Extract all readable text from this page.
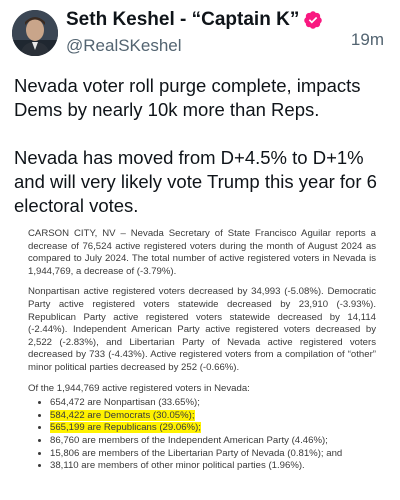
Seth Keshel - “Captain K”
@RealSKeshel	19m

Nevada voter roll purge complete, impacts Dems by nearly 10k more than Reps.

Nevada has moved from D+4.5% to D+1% and will very likely vote Trump this year for 6 electoral votes.

CARSON CITY, NV – Nevada Secretary of State Francisco Aguilar reports a decrease of 76,524 active registered voters during the month of August 2024 as compared to July 2024. The total number of active registered voters in Nevada is 1,944,769, a decrease of (-3.79%).

Nonpartisan active registered voters decreased by 34,993 (-5.08%). Democratic Party active registered voters statewide decreased by 23,910 (-3.93%). Republican Party active registered voters statewide decreased by 14,114 (-2.44%). Independent American Party active registered voters decreased by 2,522 (-2.83%), and Libertarian Party of Nevada active registered voters decreased by 733 (-4.43%). Active registered voters from a compilation of “other” minor political parties decreased by 252 (-0.66%).

Of the 1,944,769 active registered voters in Nevada:

• 654,472 are Nonpartisan (33.65%);
• 584,422 are Democrats (30.05%);
• 565,199 are Republicans (29.06%);
• 86,760 are members of the Independent American Party (4.46%);
• 15,806 are members of the Libertarian Party of Nevada (0.81%); and
• 38,110 are members of other minor political parties (1.96%).
